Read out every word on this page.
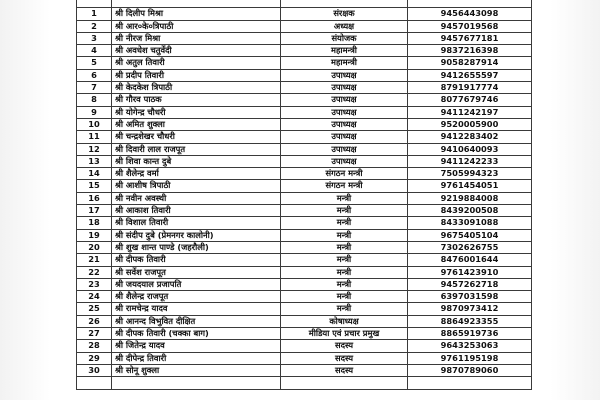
1	श्री दिलीप मिश्रा	संरक्षक	9456443098
2	श्री आर०के०त्रिपाठी	अध्यक्ष	9457019568
3	श्री नीरज मिश्रा	संयोजक	9457677181
4	श्री अवधेश चतुर्वेदी	महामन्त्री	9837216398
5	श्री अतुल तिवारी	महामन्त्री	9058287914
6	श्री प्रदीप तिवारी	उपाध्यक्ष	9412655597
7	श्री केदकेश त्रिपाठी	उपाध्यक्ष	8791917774
8	श्री गौरव पाठक	उपाध्यक्ष	8077679746
9	श्री योगेन्द्र चौधरी	उपाध्यक्ष	9411242197
10	श्री अमित शुक्ला	उपाध्यक्ष	9520005900
11	श्री चन्द्रशेखर चौधरी	उपाध्यक्ष	9412283402
12	श्री दिवारी लाल राजपूत	उपाध्यक्ष	9410640093
13	श्री शिवा कान्त दुबे	उपाध्यक्ष	9411242233
14	श्री शैलेन्द्र वर्मा	संगठन मन्त्री	7505994323
15	श्री आशीष त्रिपाठी	संगठन मन्त्री	9761454051
16	श्री नवीन अवस्थी	मन्त्री	9219884008
17	श्री आकाश तिवारी	मन्त्री	8439200508
18	श्री विशाल तिवारी	मन्त्री	8433091088
19	श्री संदीप दुबे (प्रेमनगर कालोनी)	मन्त्री	9675405104
20	श्री शुख शान्त पाण्डे (जहरौली)	मन्त्री	7302626755
21	श्री दीपक तिवारी	मन्त्री	8476001644
22	श्री सर्वेश राजपूत	मन्त्री	9761423910
23	श्री जयदयाल प्रजापति	मन्त्री	9457262718
24	श्री शैलेन्द्र राजपूत	मन्त्री	6397031598
25	श्री रामचेन्द्र यादव	मन्त्री	9870973412
26	श्री आनन्द विभुवित दीक्षित	कोषाध्यक्ष	8864923355
27	श्री दीपक तिवारी (चक्का बाग)	मीडिया एवं प्रचार प्रमुख	8865919736
28	श्री जितेन्द्र यादव	सदस्य	9643253063
29	श्री दीपेन्द्र तिवारी	सदस्य	9761195198
30	श्री सोनू शुक्ला	सदस्य	9870789060
